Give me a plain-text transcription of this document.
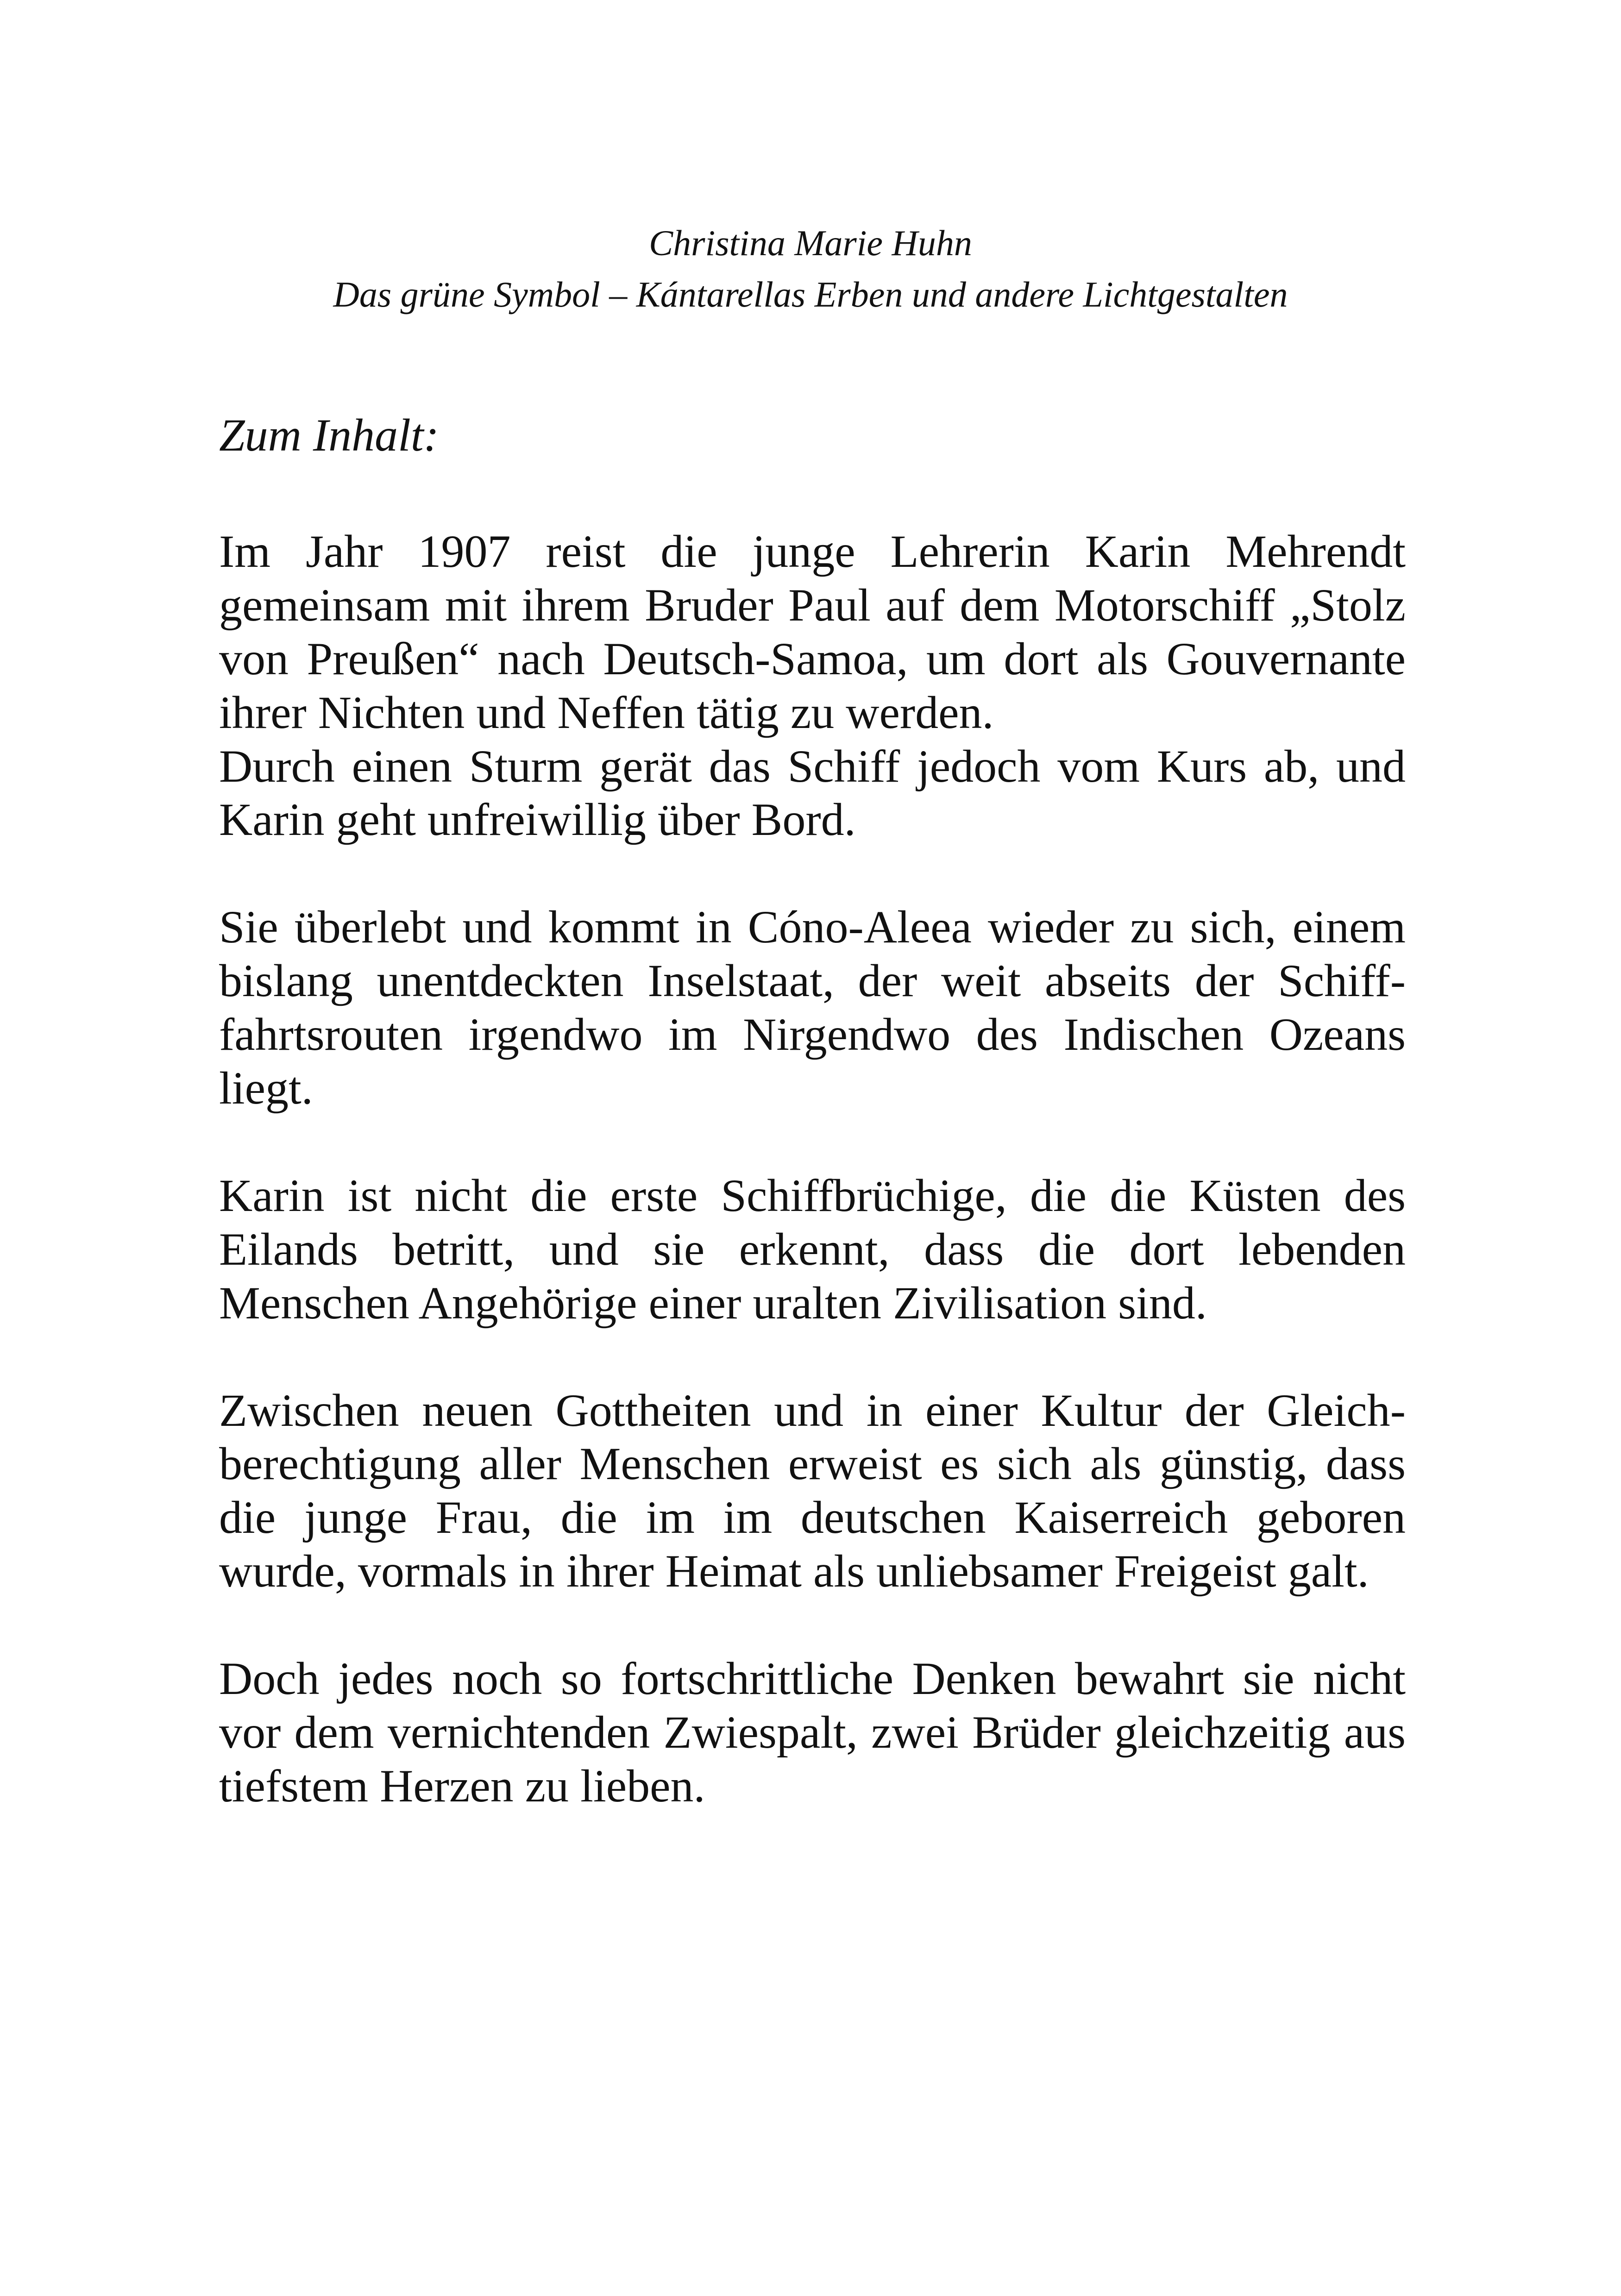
Christina Marie Huhn
Das grüne Symbol – Kántarellas Erben und andere Lichtgestalten
Zum Inhalt:
Im Jahr 1907 reist die junge Lehrerin Karin Mehrendt gemeinsam mit ihrem Bruder Paul auf dem Motorschiff „Stolz von Preußen“ nach Deutsch-Samoa, um dort als Gouvernante ihrer Nichten und Neffen tätig zu werden.
Durch einen Sturm gerät das Schiff jedoch vom Kurs ab, und Karin geht unfreiwillig über Bord.
Sie überlebt und kommt in Cóno-Aleea wieder zu sich, einem bislang unentdeckten Inselstaat, der weit abseits der Schifffahrtsrouten irgendwo im Nirgendwo des Indischen Ozeans liegt.
Karin ist nicht die erste Schiffbrüchige, die die Küsten des Eilands betritt, und sie erkennt, dass die dort lebenden Menschen Angehörige einer uralten Zivilisation sind.
Zwischen neuen Gottheiten und in einer Kultur der Gleichberechtigung aller Menschen erweist es sich als günstig, dass die junge Frau, die im im deutschen Kaiserreich geboren wurde, vormals in ihrer Heimat als unliebsamer Freigeist galt.
Doch jedes noch so fortschrittliche Denken bewahrt sie nicht vor dem vernichtenden Zwiespalt, zwei Brüder gleichzeitig aus tiefstem Herzen zu lieben.
